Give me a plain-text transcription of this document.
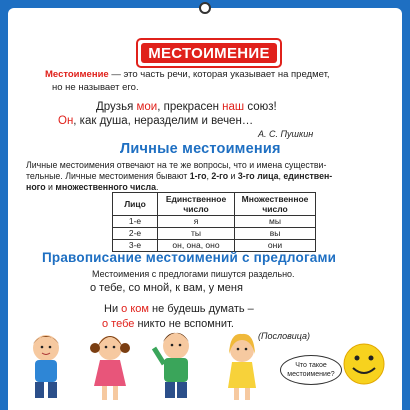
МЕСТОИМЕНИЕ
Местоимение — это часть речи, которая указывает на предмет,
но не называет его.
Друзья мои, прекрасен наш союз!
Он, как душа, неразделим и вечен…
А. С. Пушкин
Личные местоимения
Личные местоимения отвечают на те же вопросы, что и имена существи-
тельные. Личные местоимения бывают 1-го, 2-го и 3-го лица, единствен-
ного и множественного числа.
Лицо	Единственное число	Множественное число
1-е	я	мы
2-е	ты	вы
3-е	он, она, оно	они
Правописание местоимений с предлогами
Местоимения с предлогами пишутся раздельно.
о тебе, со мной, к вам, у меня
Ни о ком не будешь думать –
о тебе никто не вспомнит.
(Пословица)
Что такое местоимение?
